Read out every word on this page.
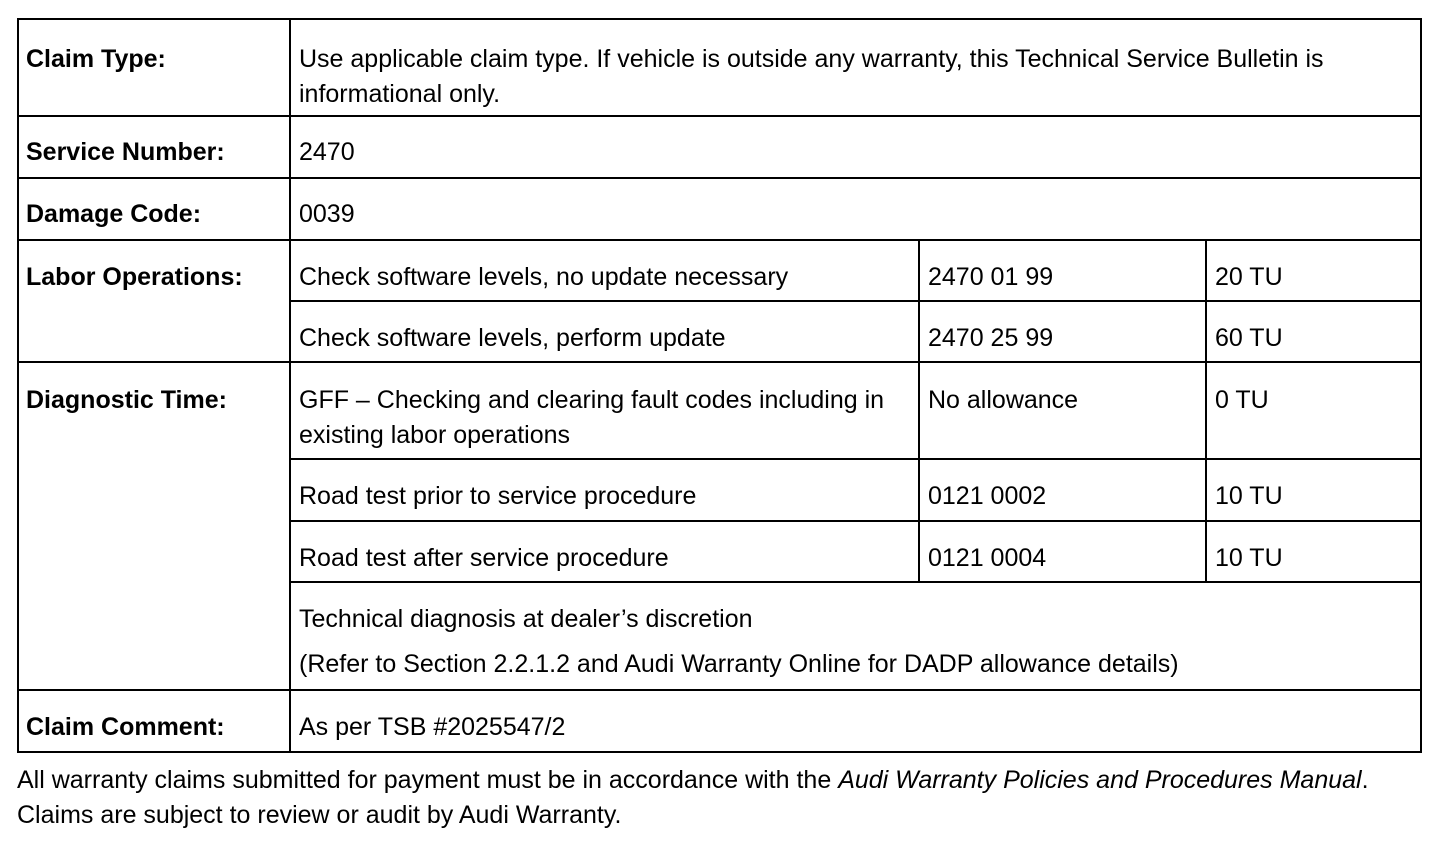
Claim Type:	Use applicable claim type. If vehicle is outside any warranty, this Technical Service Bulletin is informational only.		
Service Number:	2470		
Damage Code:	0039		
Labor Operations:	Check software levels, no update necessary	2470 01 99	20 TU
	Check software levels, perform update	2470 25 99	60 TU
Diagnostic Time:	GFF – Checking and clearing fault codes including in existing labor operations	No allowance	0 TU
	Road test prior to service procedure	0121 0002	10 TU
	Road test after service procedure	0121 0004	10 TU

	Technical diagnosis at dealer’s discretion
(Refer to Section 2.2.1.2 and Audi Warranty Online for DADP allowance details)		

Claim Comment:	As per TSB #2025547/2		

All warranty claims submitted for payment must be in accordance with the Audi Warranty Policies and Procedures Manual. Claims are subject to review or audit by Audi Warranty.
